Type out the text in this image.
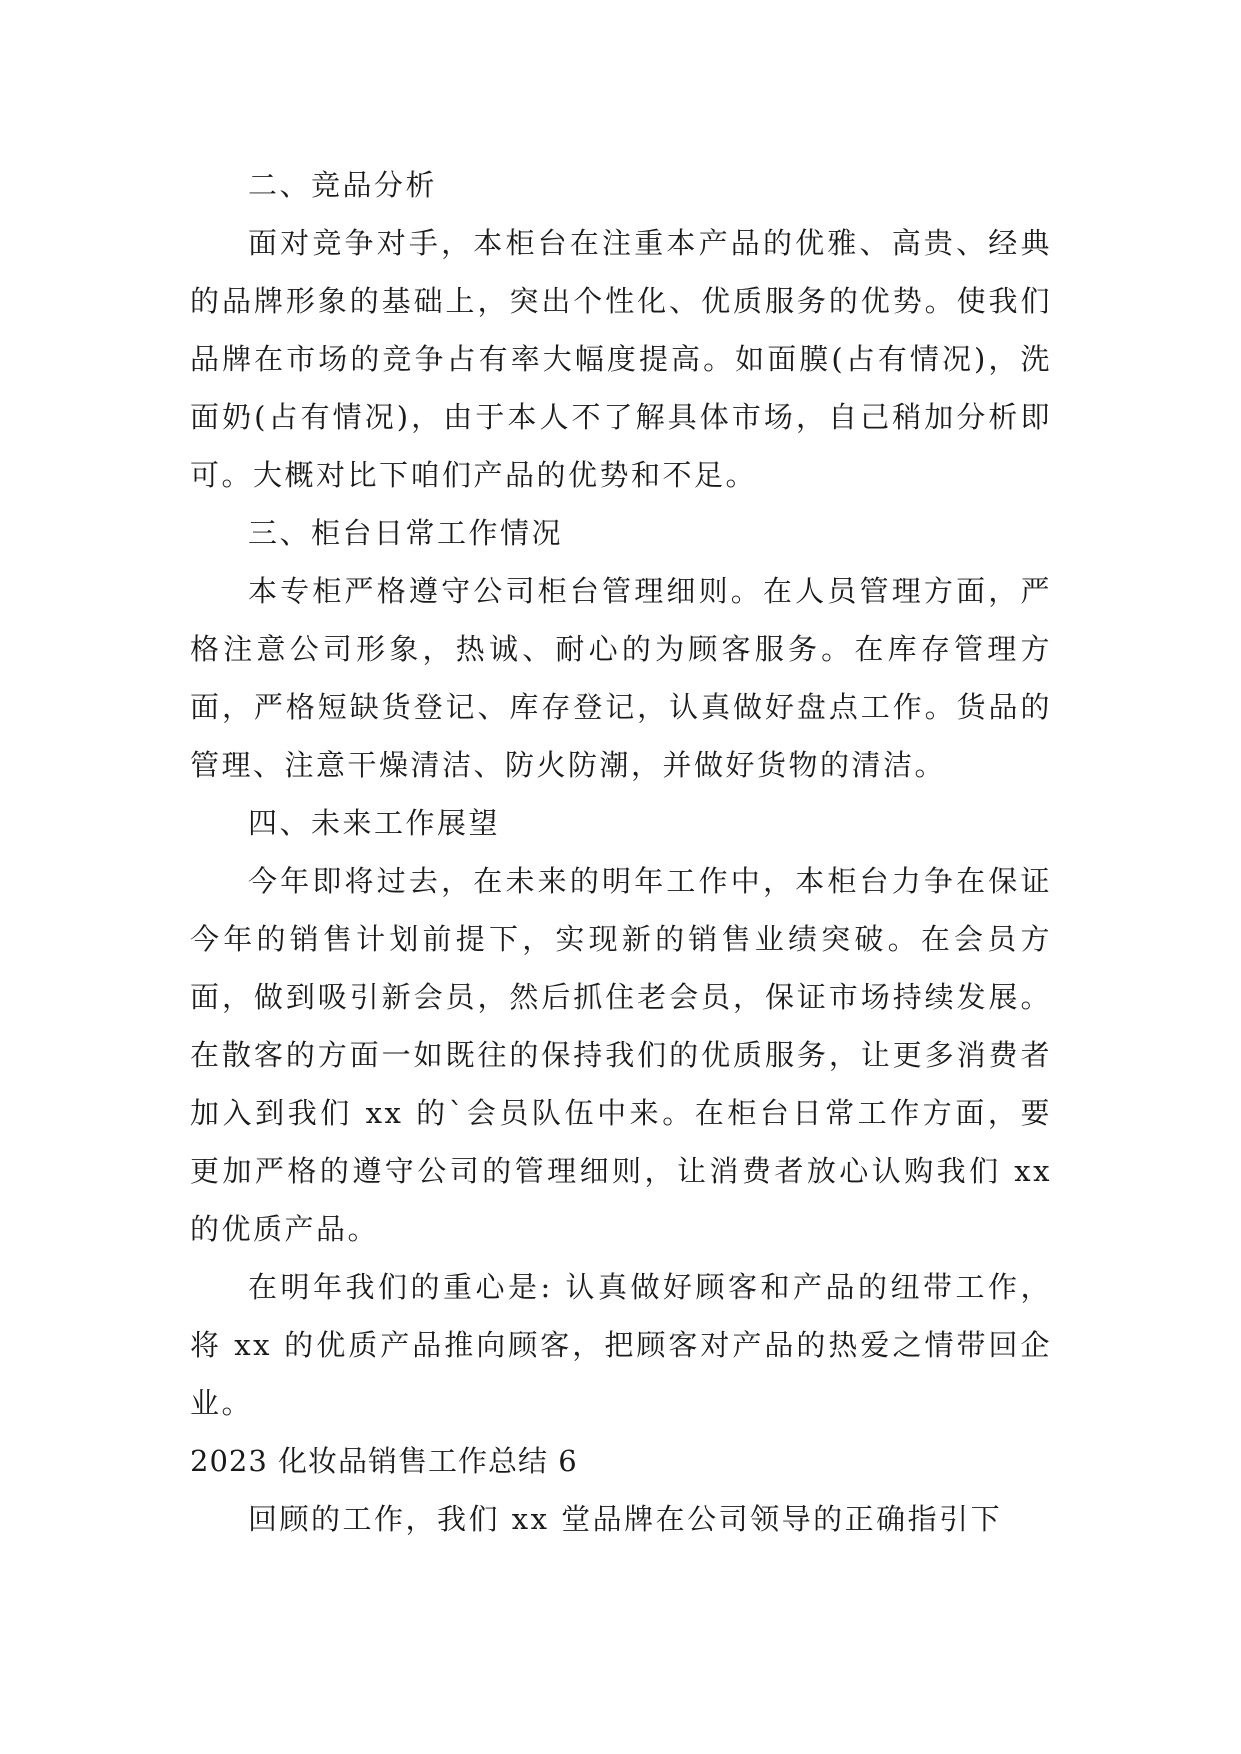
二、竞品分析

面对竞争对手，本柜台在注重本产品的优雅、高贵、经典的品牌形象的基础上，突出个性化、优质服务的优势。使我们品牌在市场的竞争占有率大幅度提高。如面膜(占有情况)，洗面奶(占有情况)，由于本人不了解具体市场，自己稍加分析即可。大概对比下咱们产品的优势和不足。

三、柜台日常工作情况

本专柜严格遵守公司柜台管理细则。在人员管理方面，严格注意公司形象，热诚、耐心的为顾客服务。在库存管理方面，严格短缺货登记、库存登记，认真做好盘点工作。货品的管理、注意干燥清洁、防火防潮，并做好货物的清洁。

四、未来工作展望

今年即将过去，在未来的明年工作中，本柜台力争在保证今年的销售计划前提下，实现新的销售业绩突破。在会员方面，做到吸引新会员，然后抓住老会员，保证市场持续发展。在散客的方面一如既往的保持我们的优质服务，让更多消费者加入到我们 xx 的`会员队伍中来。在柜台日常工作方面，要更加严格的遵守公司的管理细则，让消费者放心认购我们 xx 的优质产品。

在明年我们的重心是: 认真做好顾客和产品的纽带工作，将 xx 的优质产品推向顾客，把顾客对产品的热爱之情带回企业。

2023 化妆品销售工作总结 6

回顾的工作，我们 xx 堂品牌在公司领导的正确指引下
